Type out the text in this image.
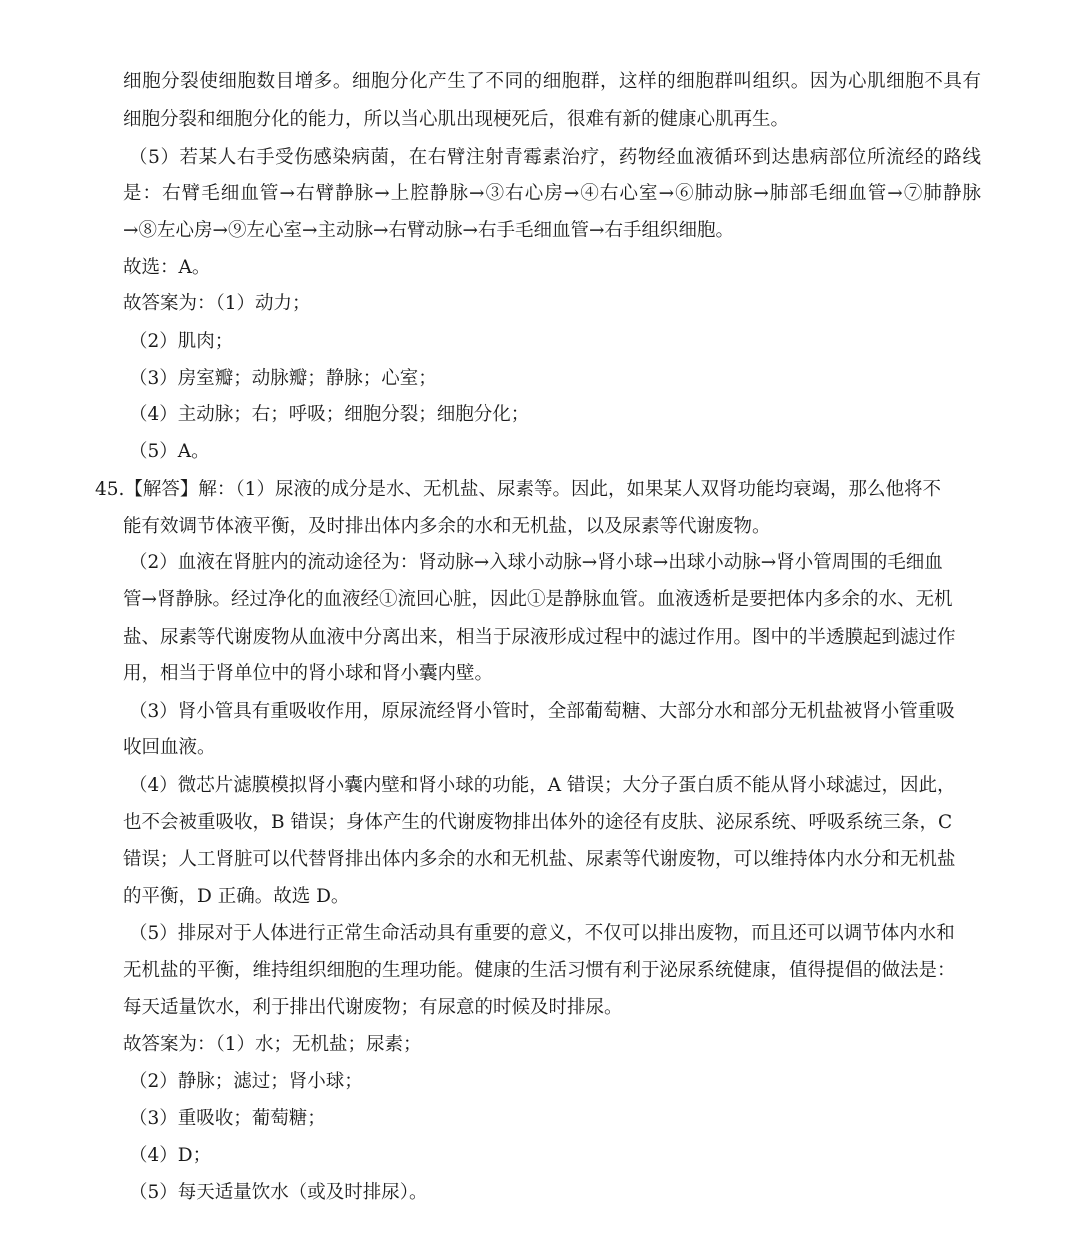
细胞分裂使细胞数目增多。细胞分化产生了不同的细胞群，这样的细胞群叫组织。因为心肌细胞不具有
细胞分裂和细胞分化的能力，所以当心肌出现梗死后，很难有新的健康心肌再生。
（5）若某人右手受伤感染病菌，在右臂注射青霉素治疗，药物经血液循环到达患病部位所流经的路线
是：右臂毛细血管→右臂静脉→上腔静脉→③右心房→④右心室→⑥肺动脉→肺部毛细血管→⑦肺静脉
→⑧左心房→⑨左心室→主动脉→右臂动脉→右手毛细血管→右手组织细胞。
故选：A。
故答案为：（1）动力；
（2）肌肉；
（3）房室瓣；动脉瓣；静脉；心室；
（4）主动脉；右；呼吸；细胞分裂；细胞分化；
（5）A。
45.【解答】解：（1）尿液的成分是水、无机盐、尿素等。因此，如果某人双肾功能均衰竭，那么他将不
能有效调节体液平衡，及时排出体内多余的水和无机盐，以及尿素等代谢废物。
（2）血液在肾脏内的流动途径为：肾动脉→入球小动脉→肾小球→出球小动脉→肾小管周围的毛细血
管→肾静脉。经过净化的血液经①流回心脏，因此①是静脉血管。血液透析是要把体内多余的水、无机
盐、尿素等代谢废物从血液中分离出来，相当于尿液形成过程中的滤过作用。图中的半透膜起到滤过作
用，相当于肾单位中的肾小球和肾小囊内壁。
（3）肾小管具有重吸收作用，原尿流经肾小管时，全部葡萄糖、大部分水和部分无机盐被肾小管重吸
收回血液。
（4）微芯片滤膜模拟肾小囊内壁和肾小球的功能，A 错误；大分子蛋白质不能从肾小球滤过，因此，
也不会被重吸收，B 错误；身体产生的代谢废物排出体外的途径有皮肤、泌尿系统、呼吸系统三条，C
错误；人工肾脏可以代替肾排出体内多余的水和无机盐、尿素等代谢废物，可以维持体内水分和无机盐
的平衡，D 正确。故选 D。
（5）排尿对于人体进行正常生命活动具有重要的意义，不仅可以排出废物，而且还可以调节体内水和
无机盐的平衡，维持组织细胞的生理功能。健康的生活习惯有利于泌尿系统健康，值得提倡的做法是：
每天适量饮水，利于排出代谢废物；有尿意的时候及时排尿。
故答案为：（1）水；无机盐；尿素；
（2）静脉；滤过；肾小球；
（3）重吸收；葡萄糖；
（4）D；
（5）每天适量饮水（或及时排尿）。
